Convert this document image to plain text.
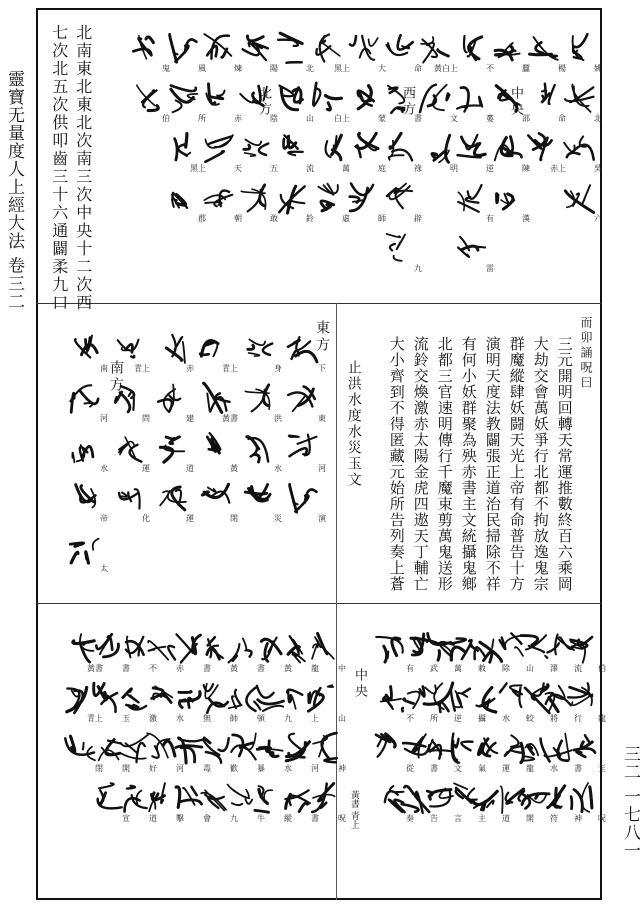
靈寶无量度人上經大法 卷三二
三二 一七八一
姚
北
吳
六
楊
命
赤上
中央
蠶
邵
陳
漢
不
婁
逆
有
雷
黃白上
文
明
西方
命
書
祿
辟
九
大
蒙
庭
師
黑上
白上
萬
虛
北
山
流
鈴
北方
陽
陰
五
敢
煉
赤
天
朝
風
所
黑上
郡
鬼
伯
北南東北東北次南三次中央十二次西
七次北五次供叩齒三十六通闢柔九口
下
東
河
演
身
洪
水
災
青上
黃書
黃
閉
赤
建
道
運
青上
問
運
化
南
河
水
帝
太
東方
南方	而卯誦呪曰
三元開明回轉天常運推數終百六乘岡
大劫交會萬妖爭行北都不拘放逸鬼宗
群魔縱肆妖闘天光上帝有命普告十方
演明天度法教闢張正道治民掃除不祥
有何小妖群聚為殃赤書主文統攝鬼鄉
北都三官速明傳行千魔束剪萬鬼送形
流鈴交煥激赤太陽金虎四遨天丁輔亡
大小齊到不得匿藏元始所告列奏上蒼
止洪水度水災玉文
中
山
神
呪
龍
上
河
書
黃
九
水
縱
書
頓
暴
牛
黃
帥
歡
九
書
無
毒
會
赤
水
河
擊
不
激
好
道
書
玉
開
宣
黃書
青上
閉
伯
龍
玉
呪
流
行
書
神
澤
將
水
符
山
蛟
龍
開
除
水
運
道
敕
攝
氣
主
萬
逆
文
言
武
所
書
告
有
不
從
奏
中央
黃書 青上
